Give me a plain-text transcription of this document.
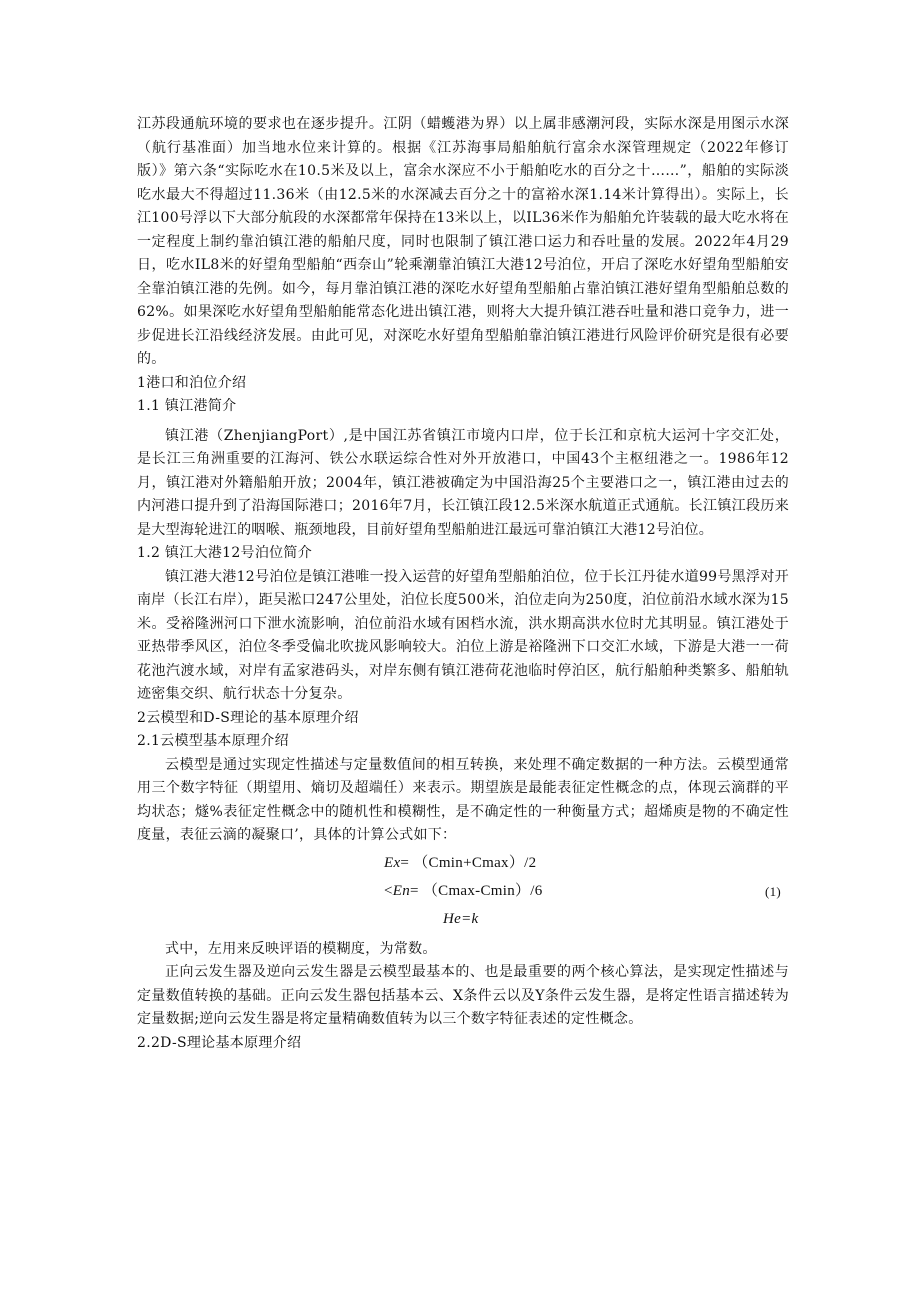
江苏段通航环境的要求也在逐步提升。江阴（蜡蠖港为界）以上属非感潮河段，实际水深是用图示水深（航行基准面）加当地水位来计算的。根据《江苏海事局船舶航行富余水深管理规定（2022年修订版）》第六条“实际吃水在10.5米及以上，富余水深应不小于船舶吃水的百分之十……”，船舶的实际淡吃水最大不得超过11.36米（由12.5米的水深减去百分之十的富裕水深1.14米计算得出）。实际上，长江100号浮以下大部分航段的水深都常年保持在13米以上，以IL36米作为船舶允许装载的最大吃水将在一定程度上制约靠泊镇江港的船舶尺度，同时也限制了镇江港口运力和吞吐量的发展。2022年4月29日，吃水IL8米的好望角型船舶“西奈山”轮乘潮靠泊镇江大港12号泊位，开启了深吃水好望角型船舶安全靠泊镇江港的先例。如今，每月靠泊镇江港的深吃水好望角型船舶占靠泊镇江港好望角型船舶总数的62%。如果深吃水好望角型船舶能常态化进出镇江港，则将大大提升镇江港吞吐量和港口竞争力，进一步促进长江沿线经济发展。由此可见，对深吃水好望角型船舶靠泊镇江港进行风险评价研究是很有必要的。

1港口和泊位介绍
1.1 镇江港简介

镇江港（ZhenjiangPort）,是中国江苏省镇江市境内口岸，位于长江和京杭大运河十字交汇处，是长江三角洲重要的江海河、铁公水联运综合性对外开放港口，中国43个主枢纽港之一。1986年12月，镇江港对外籍船舶开放；2004年，镇江港被确定为中国沿海25个主要港口之一，镇江港由过去的内河港口提升到了沿海国际港口；2016年7月，长江镇江段12.5米深水航道正式通航。长江镇江段历来是大型海轮进江的咽喉、瓶颈地段，目前好望角型船舶进江最远可靠泊镇江大港12号泊位。

1.2 镇江大港12号泊位简介

镇江港大港12号泊位是镇江港唯一投入运营的好望角型船舶泊位，位于长江丹徒水道99号黑浮对开南岸（长江右岸），距吴淞口247公里处，泊位长度500米，泊位走向为250度，泊位前沿水域水深为15米。受裕隆洲河口下泄水流影响，泊位前沿水域有困档水流，洪水期高洪水位时尤其明显。镇江港处于亚热带季风区，泊位冬季受偏北吹拢风影响较大。泊位上游是裕隆洲下口交汇水域，下游是大港一一荷花池汽渡水域，对岸有孟家港码头，对岸东侧有镇江港荷花池临时停泊区，航行船舶种类繁多、船舶轨迹密集交织、航行状态十分复杂。

2云模型和D-S理论的基本原理介绍
2.1云模型基本原理介绍

云模型是通过实现定性描述与定量数值间的相互转换，来处理不确定数据的一种方法。云模型通常用三个数字特征（期望用、熵切及超端任）来表示。期望族是最能表征定性概念的点，体现云滴群的平均状态；燧%表征定性概念中的随机性和模糊性，是不确定性的一种衡量方式；超烯庾是物的不确定性度量，表征云滴的凝聚口’，具体的计算公式如下：

Ex= （Cmin+Cmax）/2
<En= （Cmax-Cmin）/6
He=k
(1)

式中，左用来反映评语的模糊度，为常数。

正向云发生器及逆向云发生器是云模型最基本的、也是最重要的两个核心算法，是实现定性描述与定量数值转换的基础。正向云发生器包括基本云、X条件云以及Y条件云发生器，是将定性语言描述转为定量数据;逆向云发生器是将定量精确数值转为以三个数字特征表述的定性概念。

2.2D-S理论基本原理介绍
